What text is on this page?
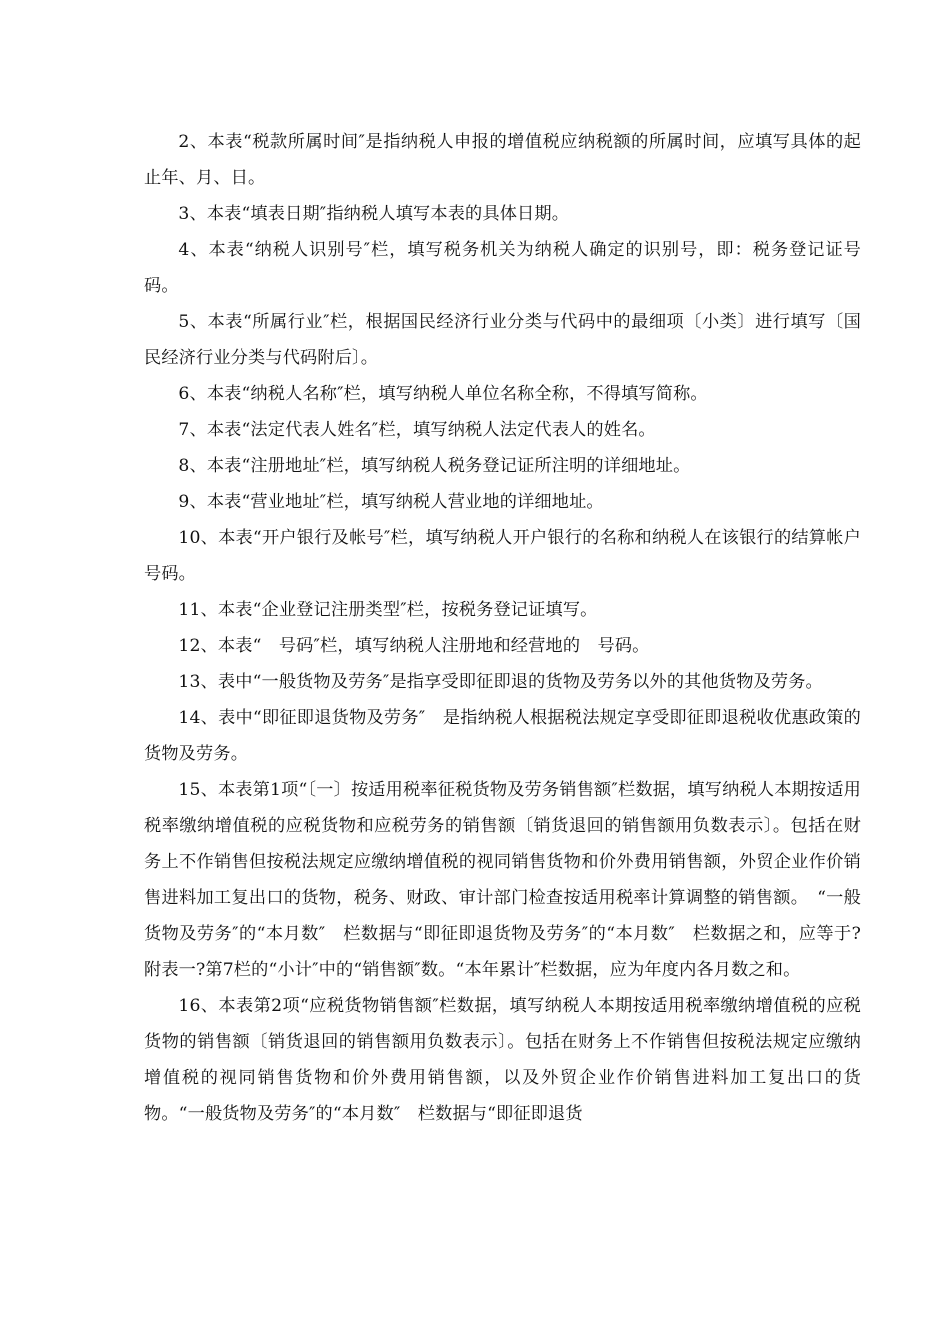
2、本表“税款所属时间″是指纳税人申报的增值税应纳税额的所属时间，应填写具体的起止年、月、日。

3、本表“填表日期″指纳税人填写本表的具体日期。

4、本表“纳税人识别号″栏，填写税务机关为纳税人确定的识别号，即：税务登记证号码。

5、本表“所属行业″栏，根据国民经济行业分类与代码中的最细项〔小类〕进行填写〔国民经济行业分类与代码附后〕。

6、本表“纳税人名称″栏，填写纳税人单位名称全称，不得填写简称。

7、本表“法定代表人姓名″栏，填写纳税人法定代表人的姓名。

8、本表“注册地址″栏，填写纳税人税务登记证所注明的详细地址。

9、本表“营业地址″栏，填写纳税人营业地的详细地址。

10、本表“开户银行及帐号″栏，填写纳税人开户银行的名称和纳税人在该银行的结算帐户号码。

11、本表“企业登记注册类型″栏，按税务登记证填写。

12、本表“　号码″栏，填写纳税人注册地和经营地的　号码。

13、表中“一般货物及劳务″是指享受即征即退的货物及劳务以外的其他货物及劳务。

14、表中“即征即退货物及劳务″　是指纳税人根据税法规定享受即征即退税收优惠政策的货物及劳务。

15、本表第1项“〔一〕按适用税率征税货物及劳务销售额″栏数据，填写纳税人本期按适用税率缴纳增值税的应税货物和应税劳务的销售额〔销货退回的销售额用负数表示〕。包括在财务上不作销售但按税法规定应缴纳增值税的视同销售货物和价外费用销售额，外贸企业作价销售进料加工复出口的货物，税务、财政、审计部门检查按适用税率计算调整的销售额。　“一般货物及劳务″的“本月数″　栏数据与“即征即退货物及劳务″的“本月数″　栏数据之和，应等于?附表一?第7栏的“小计″中的“销售额″数。“本年累计″栏数据，应为年度内各月数之和。

16、本表第2项“应税货物销售额″栏数据，填写纳税人本期按适用税率缴纳增值税的应税货物的销售额〔销货退回的销售额用负数表示〕。包括在财务上不作销售但按税法规定应缴纳增值税的视同销售货物和价外费用销售额，以及外贸企业作价销售进料加工复出口的货物。“一般货物及劳务″的“本月数″　栏数据与“即征即退货
